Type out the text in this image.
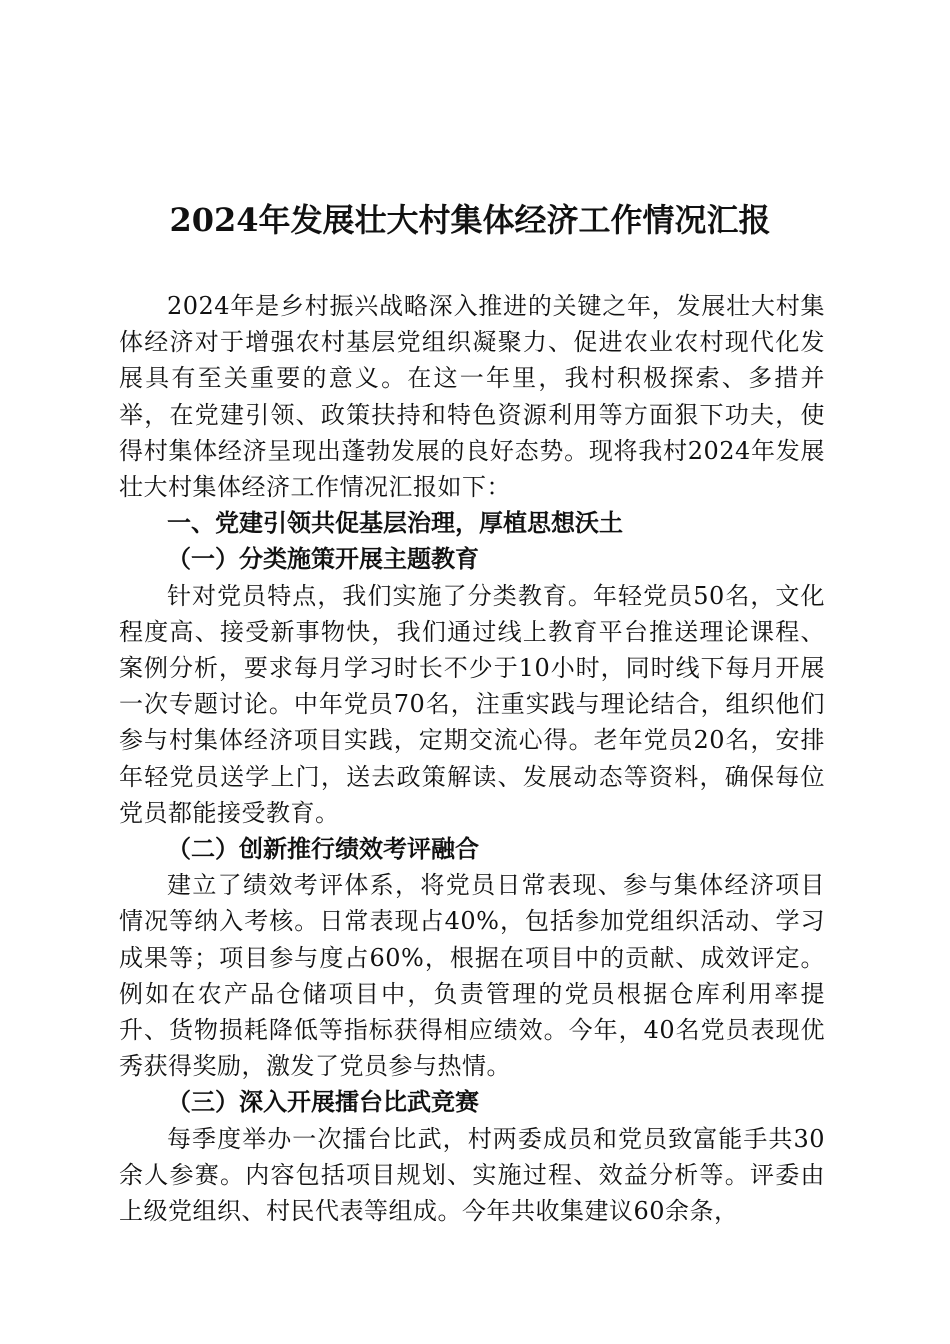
2024年发展壮大村集体经济工作情况汇报

2024年是乡村振兴战略深入推进的关键之年，发展壮大村集体经济对于增强农村基层党组织凝聚力、促进农业农村现代化发展具有至关重要的意义。在这一年里，我村积极探索、多措并举，在党建引领、政策扶持和特色资源利用等方面狠下功夫，使得村集体经济呈现出蓬勃发展的良好态势。现将我村2024年发展壮大村集体经济工作情况汇报如下：

一、党建引领共促基层治理，厚植思想沃土

（一）分类施策开展主题教育

针对党员特点，我们实施了分类教育。年轻党员50名，文化程度高、接受新事物快，我们通过线上教育平台推送理论课程、案例分析，要求每月学习时长不少于10小时，同时线下每月开展一次专题讨论。中年党员70名，注重实践与理论结合，组织他们参与村集体经济项目实践，定期交流心得。老年党员20名，安排年轻党员送学上门，送去政策解读、发展动态等资料，确保每位党员都能接受教育。

（二）创新推行绩效考评融合

建立了绩效考评体系，将党员日常表现、参与集体经济项目情况等纳入考核。日常表现占40%，包括参加党组织活动、学习成果等；项目参与度占60%，根据在项目中的贡献、成效评定。例如在农产品仓储项目中，负责管理的党员根据仓库利用率提升、货物损耗降低等指标获得相应绩效。今年，40名党员表现优秀获得奖励，激发了党员参与热情。

（三）深入开展擂台比武竞赛

每季度举办一次擂台比武，村两委成员和党员致富能手共30余人参赛。内容包括项目规划、实施过程、效益分析等。评委由上级党组织、村民代表等组成。今年共收集建议60余条，
